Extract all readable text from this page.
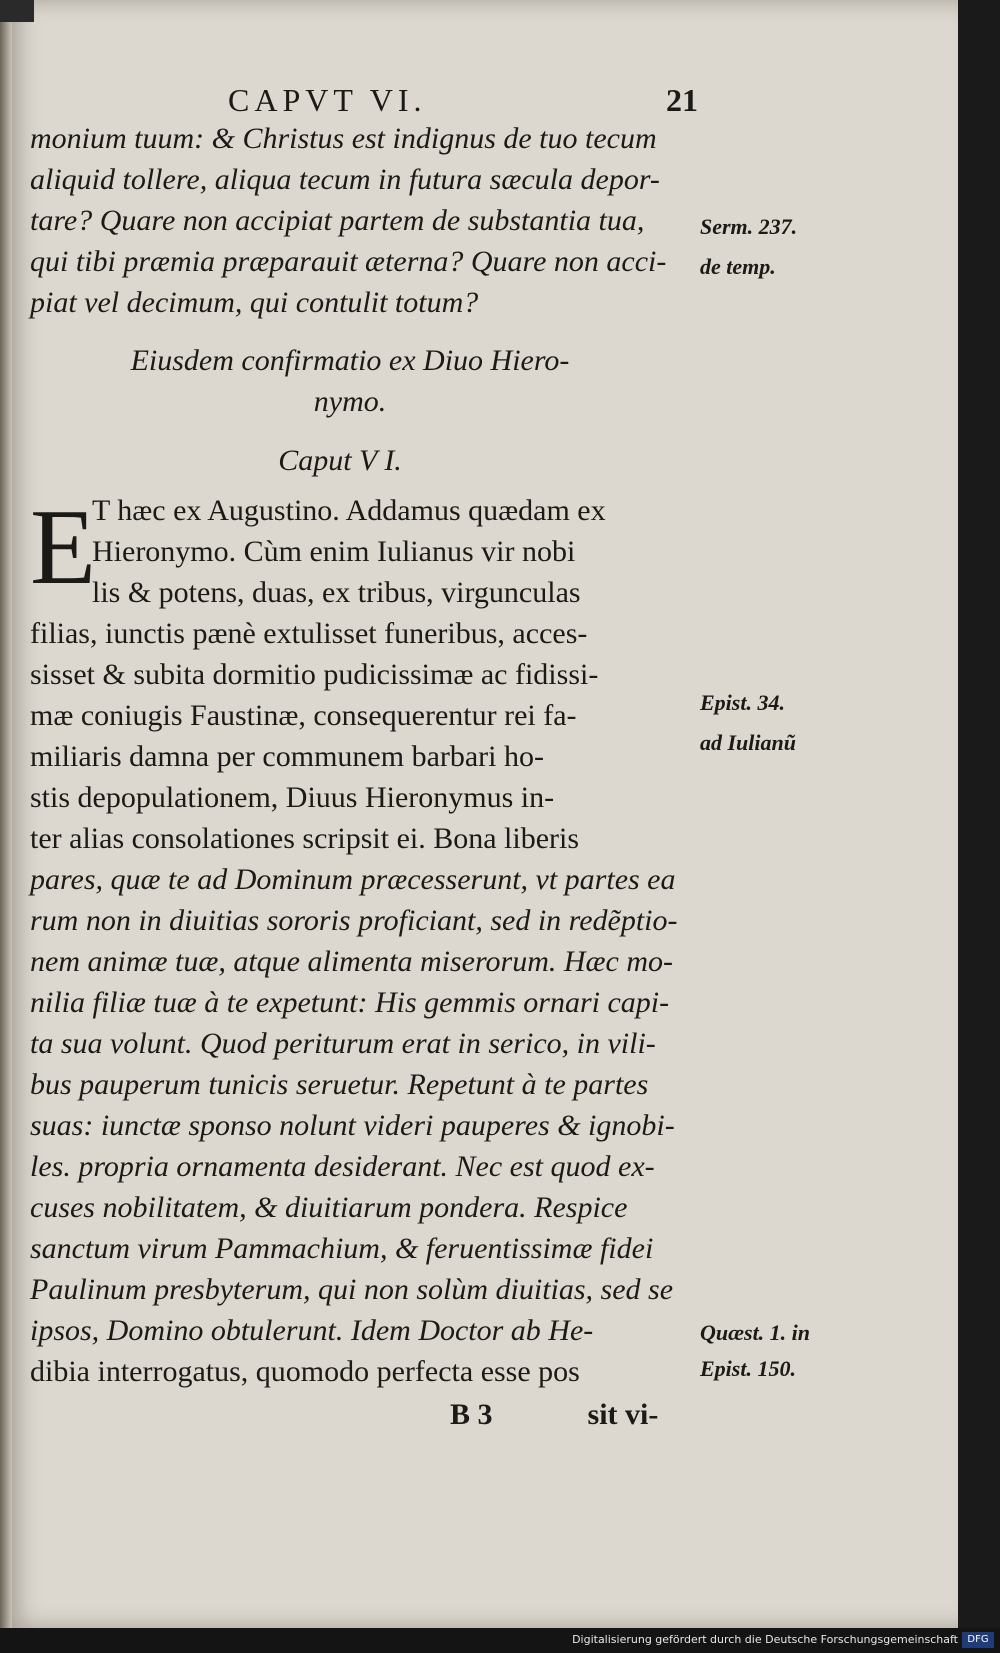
CAPVT VI.	21
monium tuum: & Christus est indignus de tuo tecum
aliquid tollere, aliqua tecum in futura sæcula depor-
tare? Quare non accipiat partem de substantia tua,
qui tibi præmia præparauit æterna? Quare non acci-
piat vel decimum, qui contulit totum?
Eiusdem confirmatio ex Diuo Hiero-
nymo.
Caput V I.
E
T hæc ex Augustino. Addamus quædam ex
Hieronymo. Cùm enim Iulianus vir nobi
lis & potens, duas, ex tribus, virgunculas
filias, iunctis pænè extulisset funeribus, acces-
sisset & subita dormitio pudicissimæ ac fidissi-
mæ coniugis Faustinæ, consequerentur rei fa-
miliaris damna per communem barbari ho-
stis depopulationem, Diuus Hieronymus in-
ter alias consolationes scripsit ei. Bona liberis
pares, quæ te ad Dominum præcesserunt, vt partes ea
rum non in diuitias sororis proficiant, sed in redẽptio-
nem animæ tuæ, atque alimenta miserorum. Hæc mo-
nilia filiæ tuæ à te expetunt: His gemmis ornari capi-
ta sua volunt. Quod periturum erat in serico, in vili-
bus pauperum tunicis seruetur. Repetunt à te partes
suas: iunctæ sponso nolunt videri pauperes & ignobi-
les. propria ornamenta desiderant. Nec est quod ex-
cuses nobilitatem, & diuitiarum pondera. Respice
sanctum virum Pammachium, & feruentissimæ fidei
Paulinum presbyterum, qui non solùm diuitias, sed se
ipsos, Domino obtulerunt. Idem Doctor ab He-
dibia interrogatus, quomodo perfecta esse pos
B 3	sit vi-
Serm. 237.
de temp.
Epist. 34.
ad Iulianũ
Quæst. 1. in
Epist. 150.
Digitalisierung gefördert durch die Deutsche Forschungsgemeinschaft DFG
